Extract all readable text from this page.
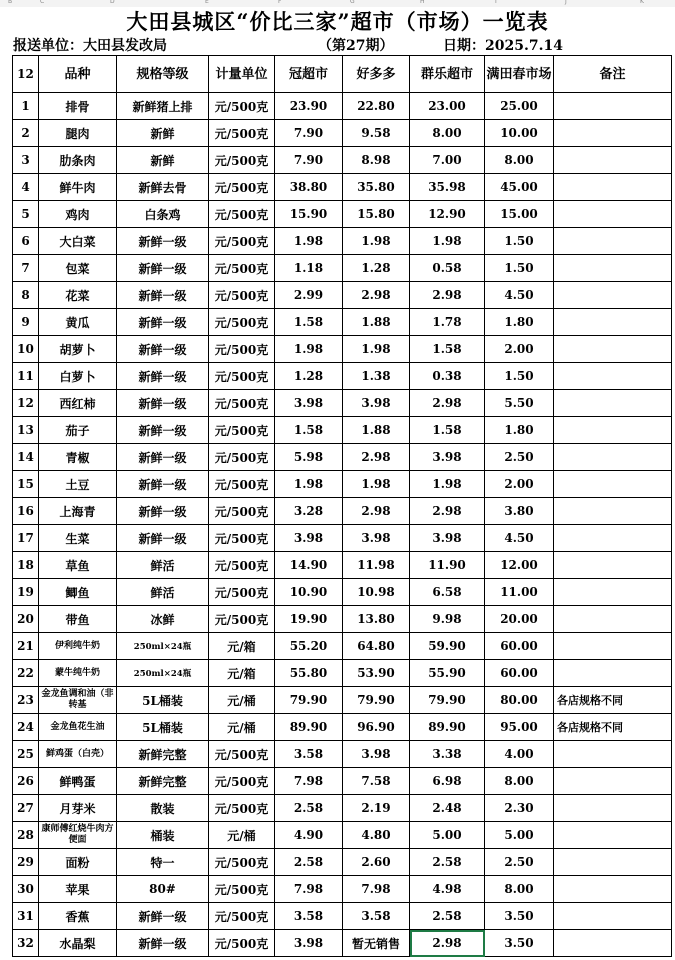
B	C	D	E	F	G	H	I	J	K
大田县城区“价比三家”超市（市场）一览表
报送单位：大田县发改局	（第27期）	日期：2025.7.14
12	品种	规格等级	计量单位	冠超市	好多多	群乐超市	满田春市场	备注
1	排骨	新鲜猪上排	元/500克	23.90	22.80	23.00	25.00	
2	腿肉	新鲜	元/500克	7.90	9.58	8.00	10.00	
3	肋条肉	新鲜	元/500克	7.90	8.98	7.00	8.00	
4	鲜牛肉	新鲜去骨	元/500克	38.80	35.80	35.98	45.00	
5	鸡肉	白条鸡	元/500克	15.90	15.80	12.90	15.00	
6	大白菜	新鲜一级	元/500克	1.98	1.98	1.98	1.50	
7	包菜	新鲜一级	元/500克	1.18	1.28	0.58	1.50	
8	花菜	新鲜一级	元/500克	2.99	2.98	2.98	4.50	
9	黄瓜	新鲜一级	元/500克	1.58	1.88	1.78	1.80	
10	胡萝卜	新鲜一级	元/500克	1.98	1.98	1.58	2.00	
11	白萝卜	新鲜一级	元/500克	1.28	1.38	0.38	1.50	
12	西红柿	新鲜一级	元/500克	3.98	3.98	2.98	5.50	
13	茄子	新鲜一级	元/500克	1.58	1.88	1.58	1.80	
14	青椒	新鲜一级	元/500克	5.98	2.98	3.98	2.50	
15	土豆	新鲜一级	元/500克	1.98	1.98	1.98	2.00	
16	上海青	新鲜一级	元/500克	3.28	2.98	2.98	3.80	
17	生菜	新鲜一级	元/500克	3.98	3.98	3.98	4.50	
18	草鱼	鲜活	元/500克	14.90	11.98	11.90	12.00	
19	鲫鱼	鲜活	元/500克	10.90	10.98	6.58	11.00	
20	带鱼	冰鲜	元/500克	19.90	13.80	9.98	20.00	
21	伊利纯牛奶	250ml×24瓶	元/箱	55.20	64.80	59.90	60.00	
22	蒙牛纯牛奶	250ml×24瓶	元/箱	55.80	53.90	55.90	60.00	
23	金龙鱼调和油（非转基	5L桶装	元/桶	79.90	79.90	79.90	80.00	各店规格不同
24	金龙鱼花生油	5L桶装	元/桶	89.90	96.90	89.90	95.00	各店规格不同
25	鲜鸡蛋（白壳）	新鲜完整	元/500克	3.58	3.98	3.38	4.00	
26	鲜鸭蛋	新鲜完整	元/500克	7.98	7.58	6.98	8.00	
27	月芽米	散装	元/500克	2.58	2.19	2.48	2.30	
28	康师傅红烧牛肉方便面	桶装	元/桶	4.90	4.80	5.00	5.00	
29	面粉	特一	元/500克	2.58	2.60	2.58	2.50	
30	苹果	80#	元/500克	7.98	7.98	4.98	8.00	
31	香蕉	新鲜一级	元/500克	3.58	3.58	2.58	3.50	
32	水晶梨	新鲜一级	元/500克	3.98	暂无销售	2.98	3.50	
